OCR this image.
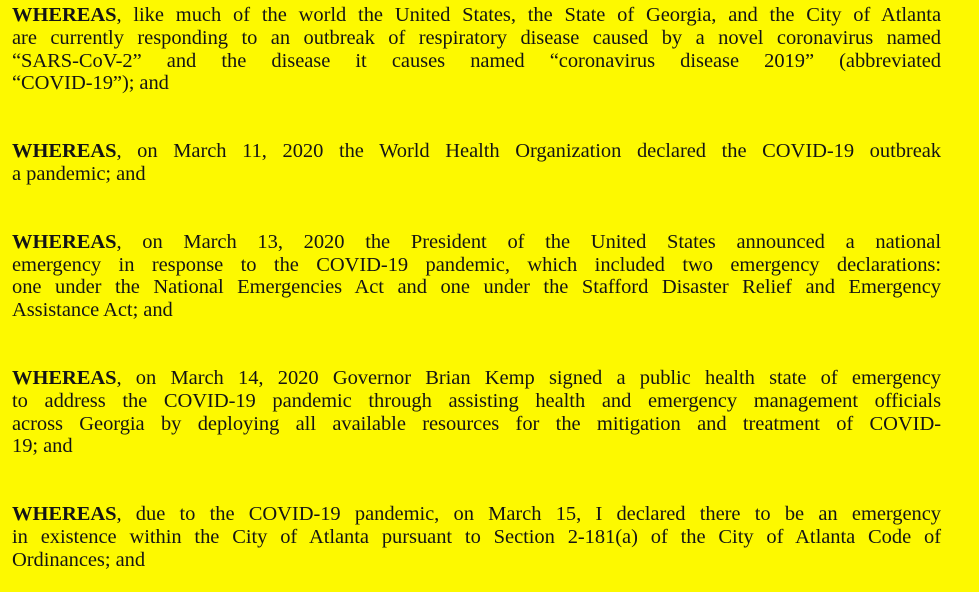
WHEREAS, like much of the world the United States, the State of Georgia, and the City of Atlanta
are currently responding to an outbreak of respiratory disease caused by a novel coronavirus named
“SARS-CoV-2” and the disease it causes named “coronavirus disease 2019” (abbreviated
“COVID-19”); and

WHEREAS, on March 11, 2020 the World Health Organization declared the COVID-19 outbreak
a pandemic; and

WHEREAS, on March 13, 2020 the President of the United States announced a national
emergency in response to the COVID-19 pandemic, which included two emergency declarations:
one under the National Emergencies Act and one under the Stafford Disaster Relief and Emergency
Assistance Act; and

WHEREAS, on March 14, 2020 Governor Brian Kemp signed a public health state of emergency
to address the COVID-19 pandemic through assisting health and emergency management officials
across Georgia by deploying all available resources for the mitigation and treatment of COVID-
19; and

WHEREAS, due to the COVID-19 pandemic, on March 15, I declared there to be an emergency
in existence within the City of Atlanta pursuant to Section 2-181(a) of the City of Atlanta Code of
Ordinances; and
